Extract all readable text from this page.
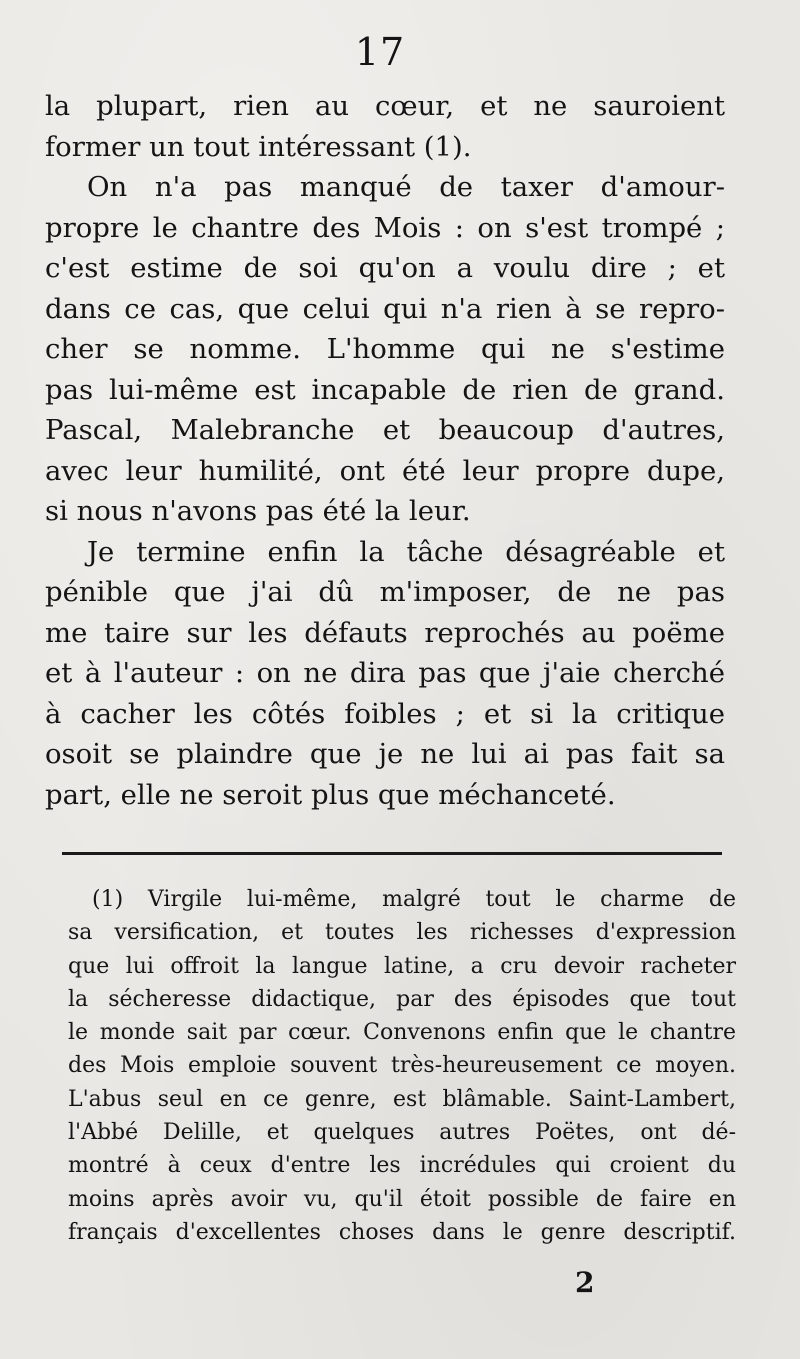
17
la plupart, rien au cœur, et ne sauroient
former un tout intéressant (1).
On n'a pas manqué de taxer d'amour-
propre le chantre des Mois : on s'est trompé ;
c'est estime de soi qu'on a voulu dire ; et
dans ce cas, que celui qui n'a rien à se repro-
cher se nomme. L'homme qui ne s'estime
pas lui-même est incapable de rien de grand.
Pascal, Malebranche et beaucoup d'autres,
avec leur humilité, ont été leur propre dupe,
si nous n'avons pas été la leur.
Je termine enfin la tâche désagréable et
pénible que j'ai dû m'imposer, de ne pas
me taire sur les défauts reprochés au poëme
et à l'auteur : on ne dira pas que j'aie cherché
à cacher les côtés foibles ; et si la critique
osoit se plaindre que je ne lui ai pas fait sa
part, elle ne seroit plus que méchanceté.
(1) Virgile lui-même, malgré tout le charme de
sa versification, et toutes les richesses d'expression
que lui offroit la langue latine, a cru devoir racheter
la sécheresse didactique, par des épisodes que tout
le monde sait par cœur. Convenons enfin que le chantre
des Mois emploie souvent très-heureusement ce moyen.
L'abus seul en ce genre, est blâmable. Saint-Lambert,
l'Abbé Delille, et quelques autres Poëtes, ont dé-
montré à ceux d'entre les incrédules qui croient du
moins après avoir vu, qu'il étoit possible de faire en
français d'excellentes choses dans le genre descriptif.
2
